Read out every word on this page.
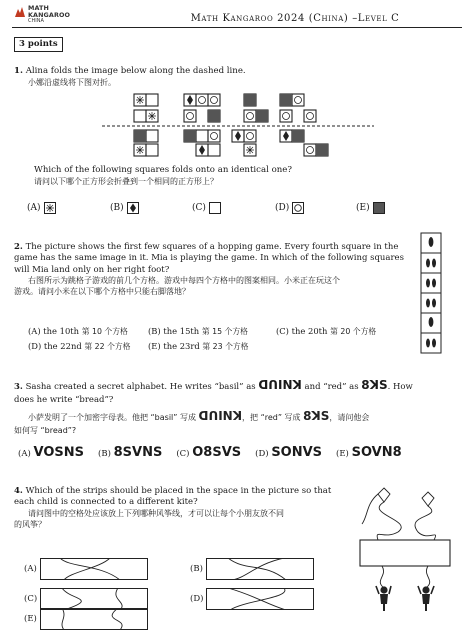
MATH
KANGAROO
CHINA	Math Kangaroo 2024 (China) –Level C
3 points
1. Alina folds the image below along the dashed line.
小娜沿虚线将下图对折。
Which of the following squares folds onto an identical one?
请问以下哪个正方形会折叠到一个相同的正方形上？
(A)	(B)	(C)	(D)	(E)
2. The picture shows the first few squares of a hopping game. Every fourth square in the
game has the same image in it. Mia is playing the game. In which of the following squares
will Mia land only on her right foot?
右图所示为跳格子游戏的前几个方格。游戏中每四个方格中的图案相同。小米正在玩这个
游戏。请问小米在以下哪个方格中只能右脚落地？
(A) the 10th 第 10 个方格	(B) the 15th 第 15 个方格	(C) the 20th 第 20 个方格
(D) the 22nd 第 22 个方格	(E) the 23rd 第 23 个方格
3. Sasha created a secret alphabet. He writes “basil” as ꓷꓵIꓠꓘ and “red” as 8ꓘꓢ. How
does he write “bread”?
小萨发明了一个加密字母表。他把 “basil” 写成 ꓷꓵIꓠꓘ，把 “red” 写成 8ꓘꓢ，请问他会
如何写 “bread”?
(A) VOꓢꓠꓢ (B) 8ꓢVNꓢ (C) O8ꓢVꓢ (D) ꓢONVꓢ (E) ꓢOVN8
4. Which of the strips should be placed in the space in the picture so that
each child is connected to a different kite?
请问图中的空格处应该放上下列哪种风筝线，才可以让每个小朋友放不同
的风筝？
(A)	(B)
(C)	(D)
(E)
